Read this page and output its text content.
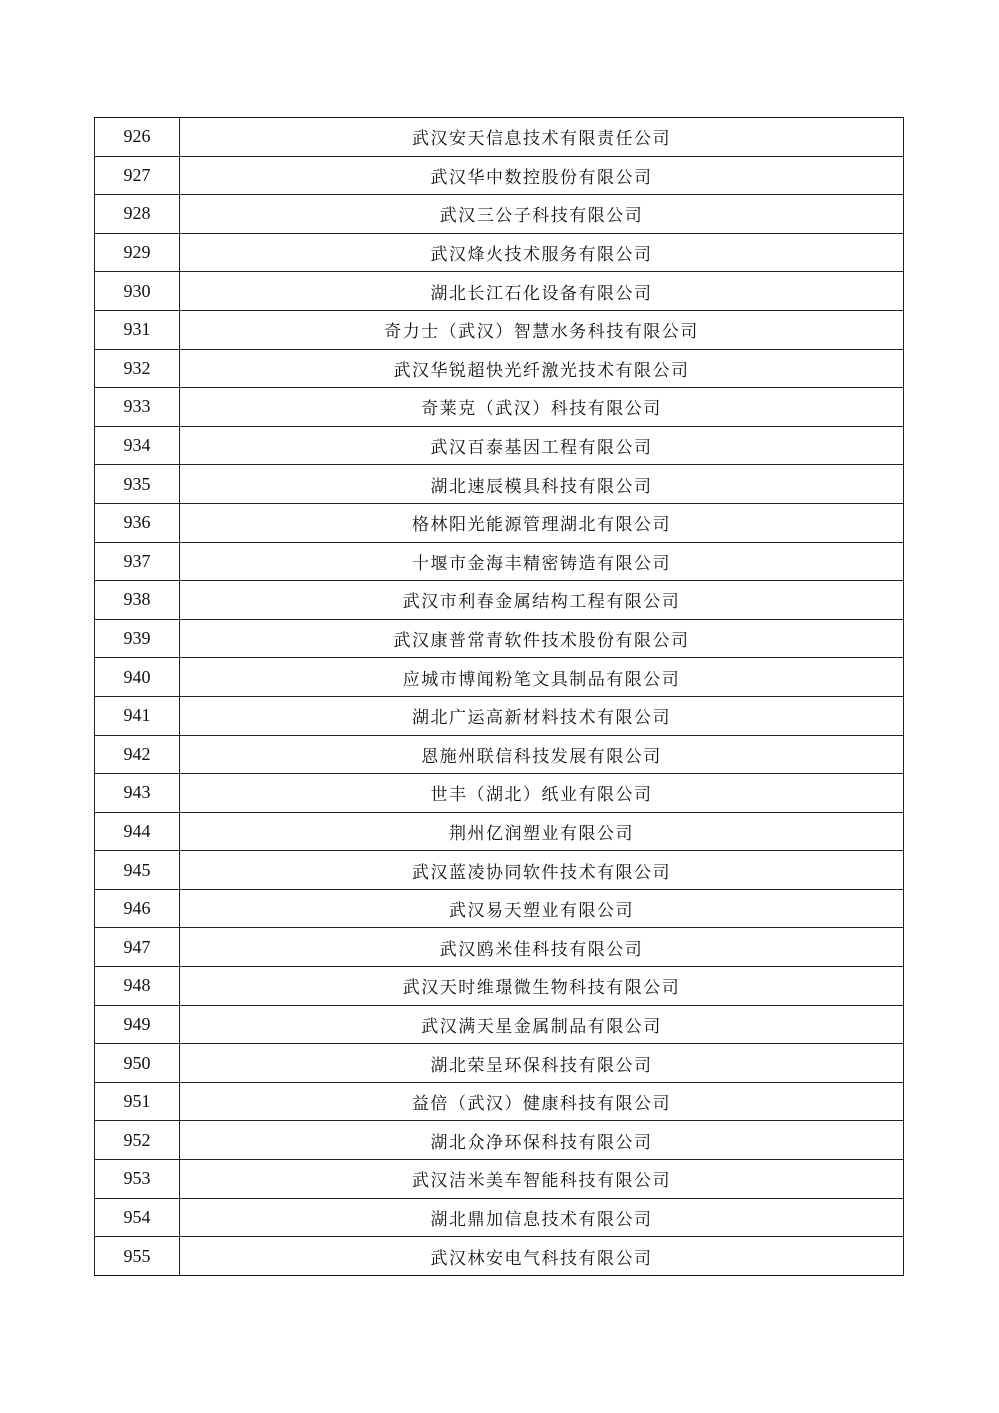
926	武汉安天信息技术有限责任公司
927	武汉华中数控股份有限公司
928	武汉三公子科技有限公司
929	武汉烽火技术服务有限公司
930	湖北长江石化设备有限公司
931	奇力士（武汉）智慧水务科技有限公司
932	武汉华锐超快光纤激光技术有限公司
933	奇莱克（武汉）科技有限公司
934	武汉百泰基因工程有限公司
935	湖北速辰模具科技有限公司
936	格林阳光能源管理湖北有限公司
937	十堰市金海丰精密铸造有限公司
938	武汉市利春金属结构工程有限公司
939	武汉康普常青软件技术股份有限公司
940	应城市博闻粉笔文具制品有限公司
941	湖北广运高新材料技术有限公司
942	恩施州联信科技发展有限公司
943	世丰（湖北）纸业有限公司
944	荆州亿润塑业有限公司
945	武汉蓝凌协同软件技术有限公司
946	武汉易天塑业有限公司
947	武汉鸥米佳科技有限公司
948	武汉天时维璟微生物科技有限公司
949	武汉满天星金属制品有限公司
950	湖北荣呈环保科技有限公司
951	益倍（武汉）健康科技有限公司
952	湖北众净环保科技有限公司
953	武汉洁米美车智能科技有限公司
954	湖北鼎加信息技术有限公司
955	武汉林安电气科技有限公司
